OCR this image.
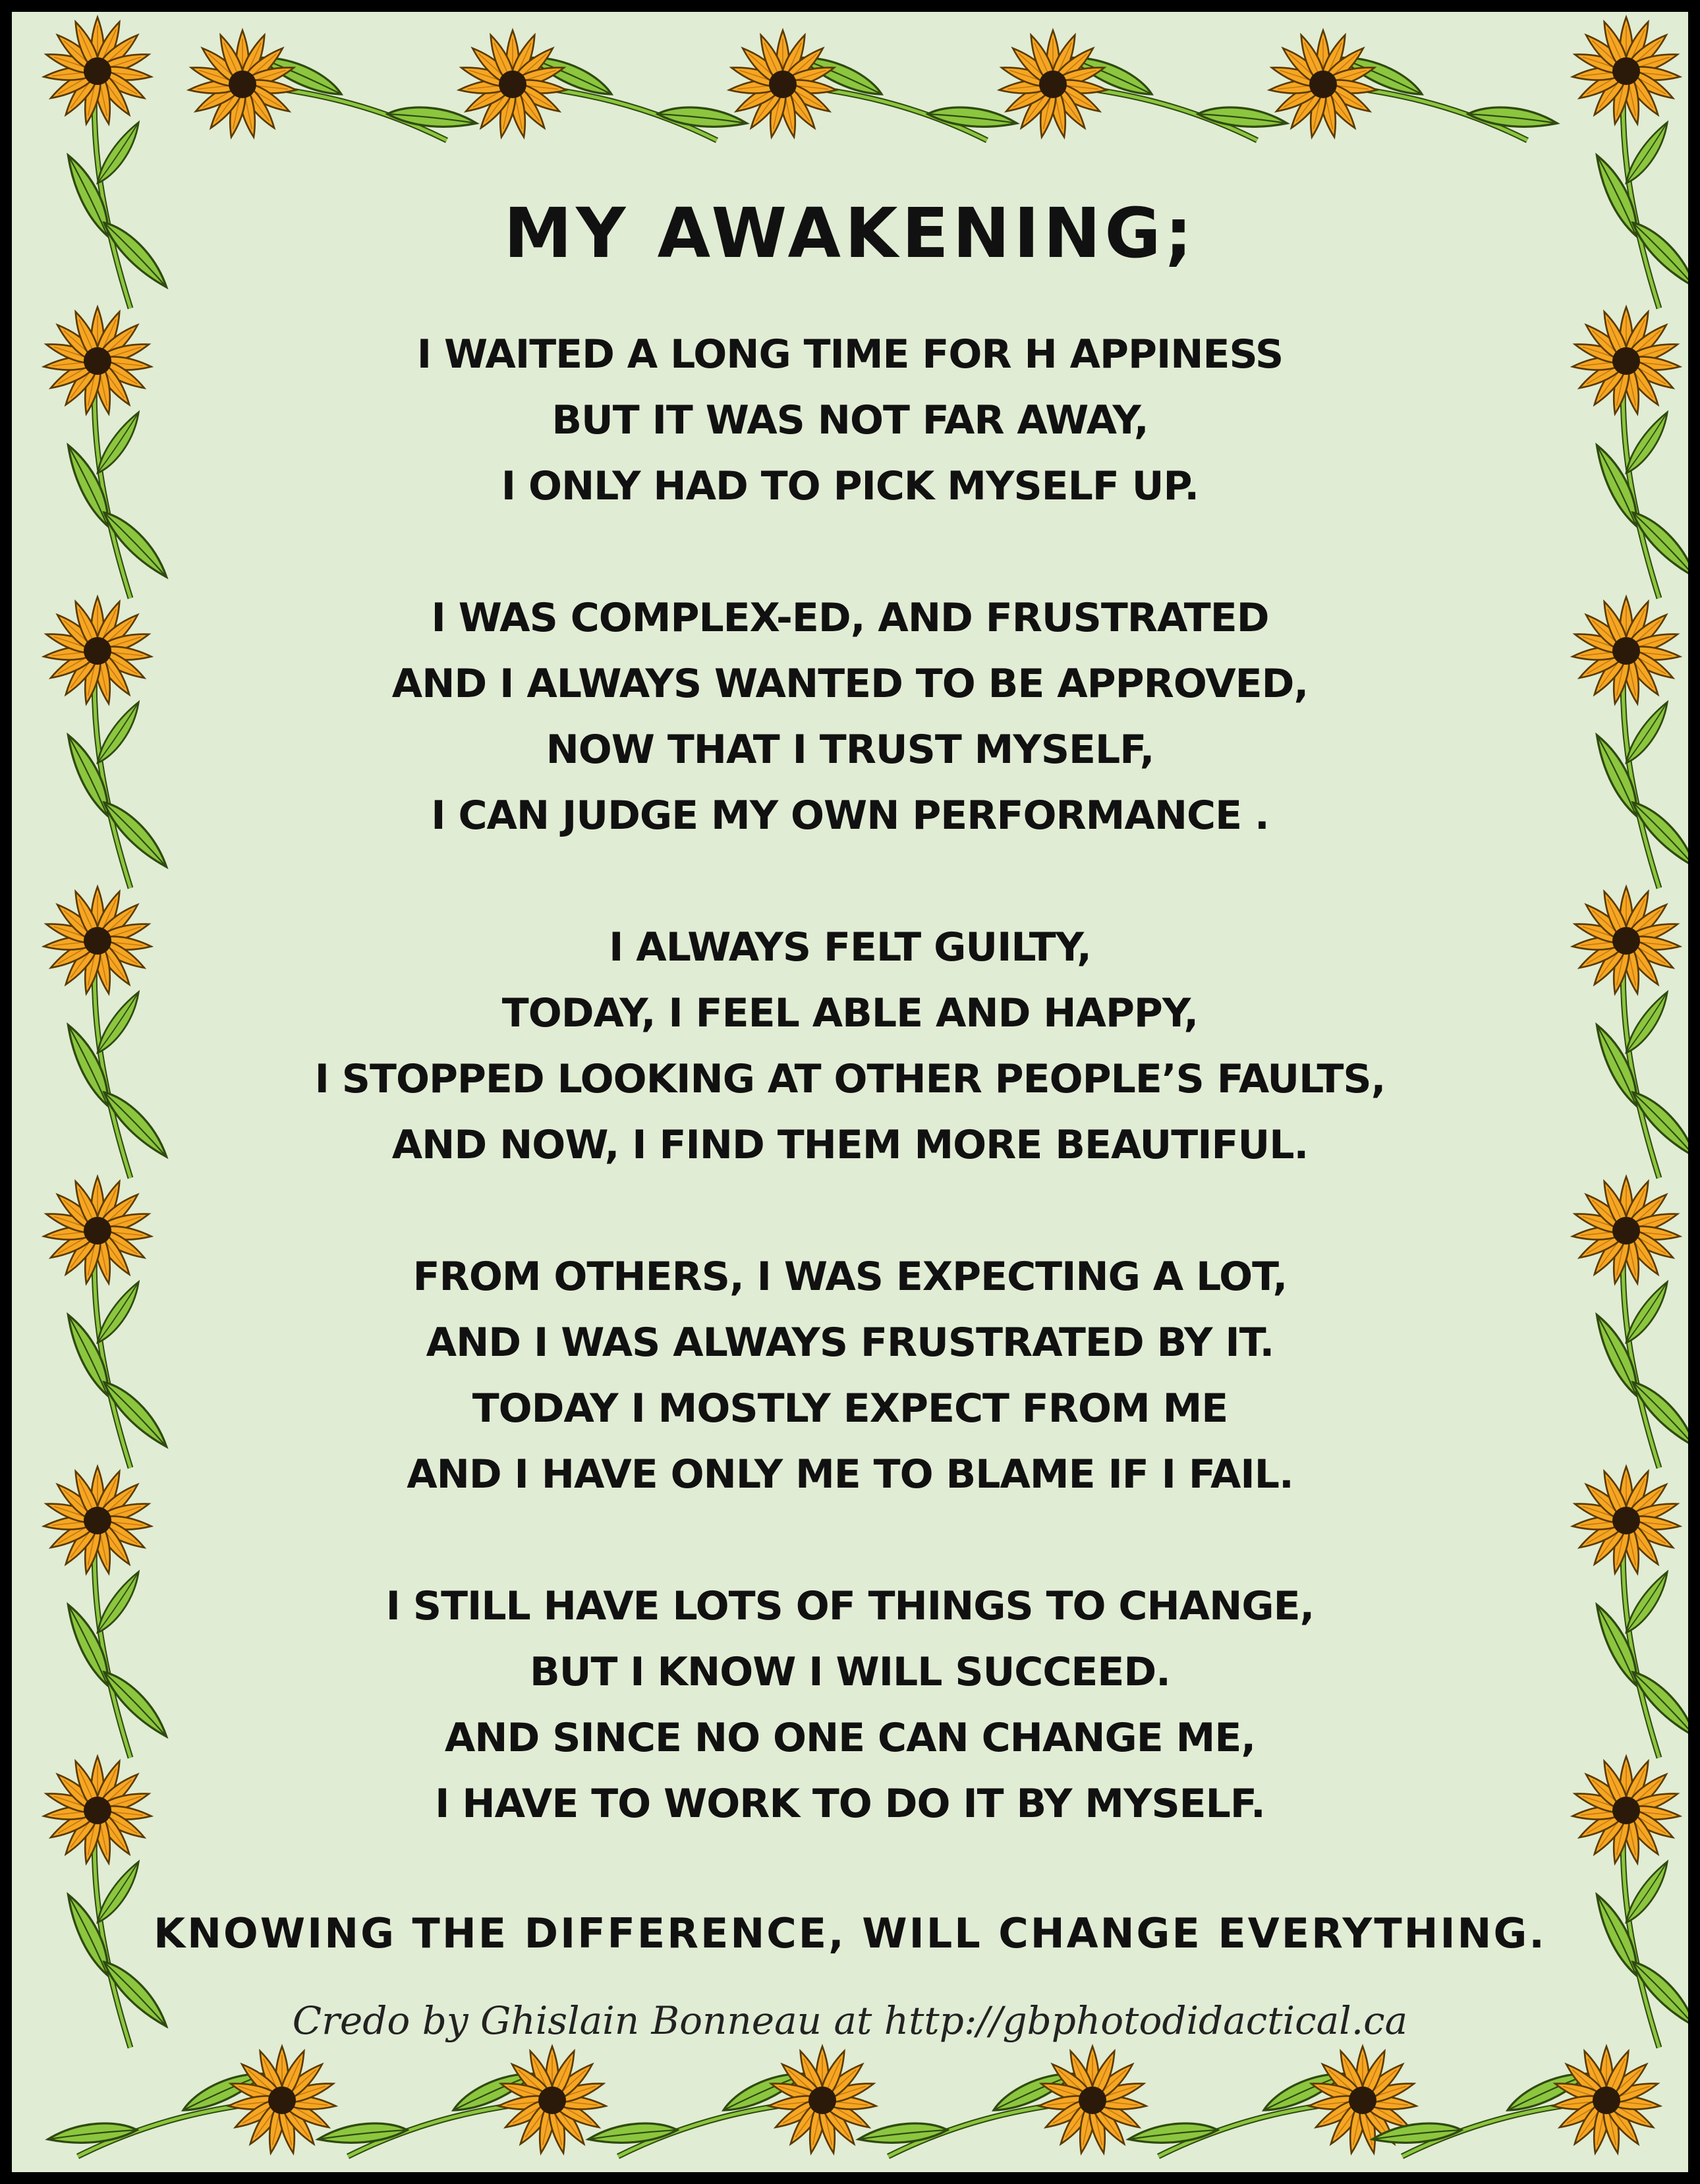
MY AWAKENING;
I WAITED A LONG TIME FOR H APPINESS
BUT IT WAS NOT FAR AWAY,
I ONLY HAD TO PICK MYSELF UP.
I WAS COMPLEX-ED, AND FRUSTRATED
AND I ALWAYS WANTED TO BE APPROVED,
NOW THAT I TRUST MYSELF,
I CAN JUDGE MY OWN PERFORMANCE .
I ALWAYS FELT GUILTY,
TODAY, I FEEL ABLE AND HAPPY,
I STOPPED LOOKING AT OTHER PEOPLE’S FAULTS,
AND NOW, I FIND THEM MORE BEAUTIFUL.
FROM OTHERS, I WAS EXPECTING A LOT,
AND I WAS ALWAYS FRUSTRATED BY IT.
TODAY I MOSTLY EXPECT FROM ME
AND I HAVE ONLY ME TO BLAME IF I FAIL.
I STILL HAVE LOTS OF THINGS TO CHANGE,
BUT I KNOW I WILL SUCCEED.
AND SINCE NO ONE CAN CHANGE ME,
I HAVE TO WORK TO DO IT BY MYSELF.
KNOWING THE DIFFERENCE, WILL CHANGE EVERYTHING.
Credo by Ghislain Bonneau at http://gbphotodidactical.ca
